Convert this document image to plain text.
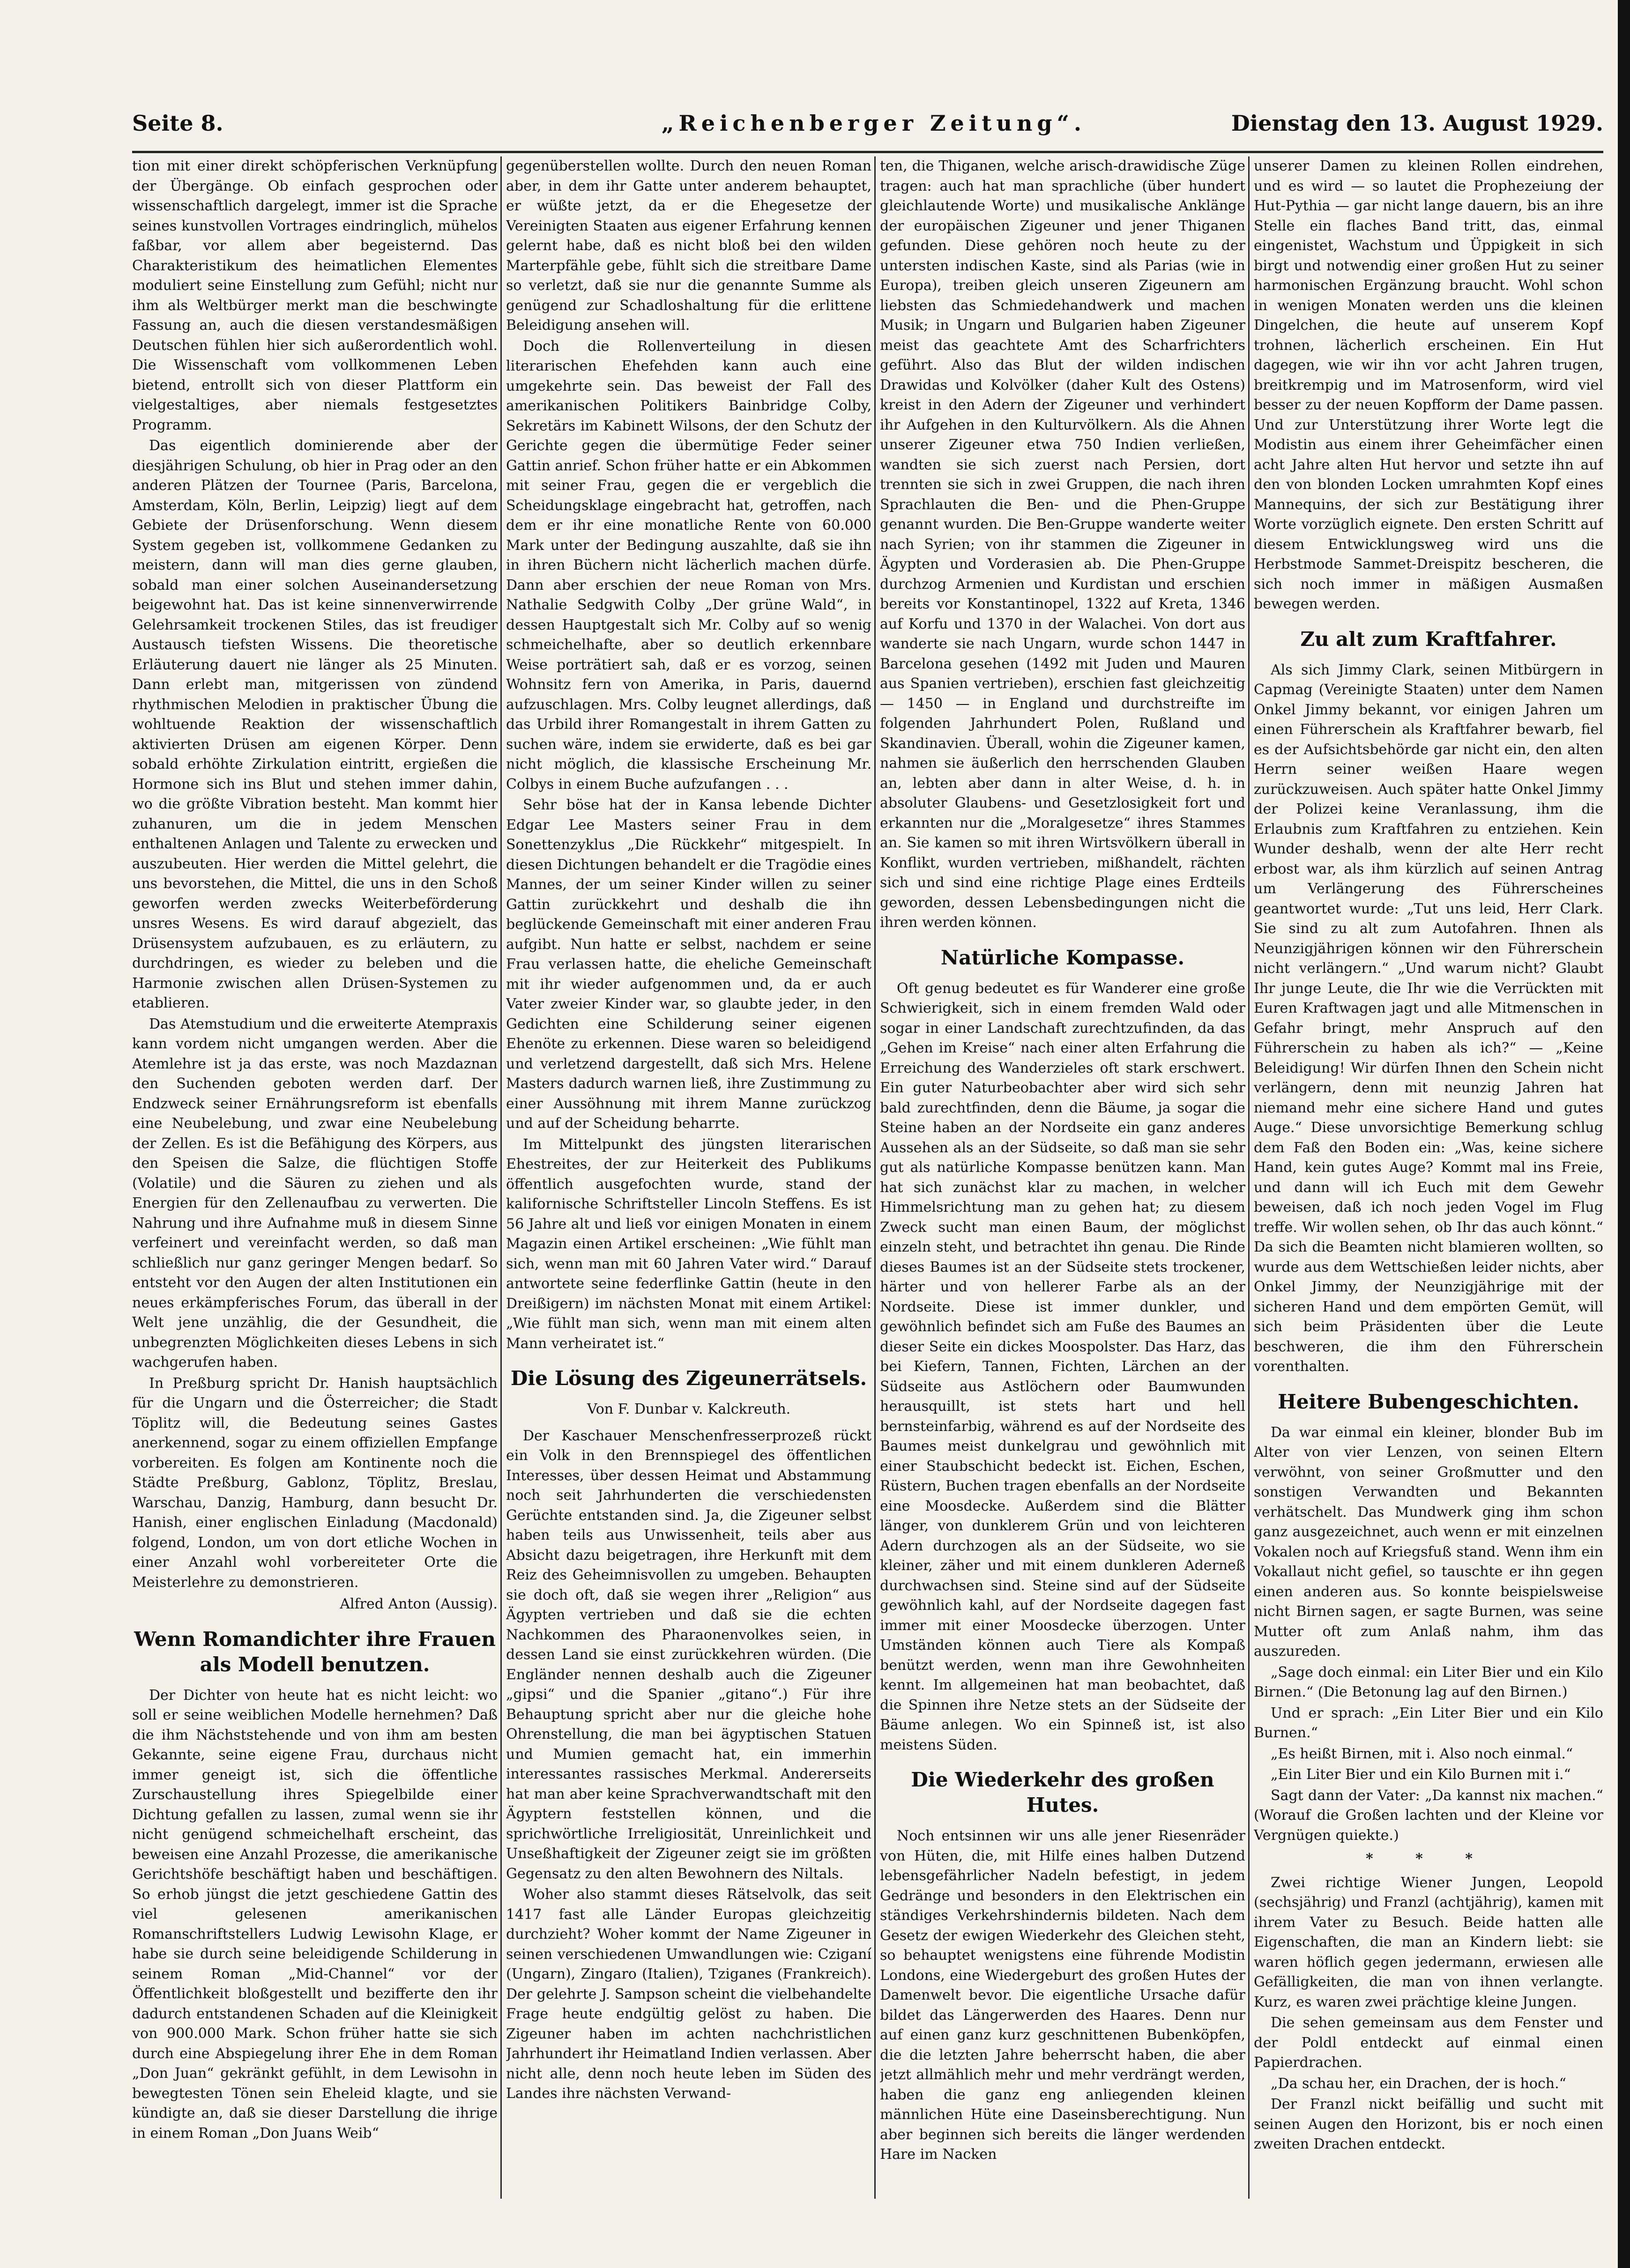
Seite 8.	„Reichenberger Zeitung“.	Dienstag den 13. August 1929.

tion mit einer direkt schöpferischen Verknüpfung der Übergänge. Ob einfach gesprochen oder wissenschaftlich dargelegt, immer ist die Sprache seines kunstvollen Vortrages eindringlich, mühelos faßbar, vor allem aber begeisternd. Das Charakteristikum des heimatlichen Elementes moduliert seine Einstellung zum Gefühl; nicht nur ihm als Weltbürger merkt man die beschwingte Fassung an, auch die diesen verstandesmäßigen Deutschen fühlen hier sich außerordentlich wohl. Die Wissenschaft vom vollkommenen Leben bietend, entrollt sich von dieser Plattform ein vielgestaltiges, aber niemals festgesetztes Programm.

Das eigentlich dominierende aber der diesjährigen Schulung, ob hier in Prag oder an den anderen Plätzen der Tournee (Paris, Barcelona, Amsterdam, Köln, Berlin, Leipzig) liegt auf dem Gebiete der Drüsenforschung. Wenn diesem System gegeben ist, vollkommene Gedanken zu meistern, dann will man dies gerne glauben, sobald man einer solchen Auseinandersetzung beigewohnt hat. Das ist keine sinnenverwirrende Gelehrsamkeit trockenen Stiles, das ist freudiger Austausch tiefsten Wissens. Die theoretische Erläuterung dauert nie länger als 25 Minuten. Dann erlebt man, mitgerissen von zündend rhythmischen Melodien in praktischer Übung die wohltuende Reaktion der wissenschaftlich aktivierten Drüsen am eigenen Körper. Denn sobald erhöhte Zirkulation eintritt, ergießen die Hormone sich ins Blut und stehen immer dahin, wo die größte Vibration besteht. Man kommt hier zuhanuren, um die in jedem Menschen enthaltenen Anlagen und Talente zu erwecken und auszubeuten. Hier werden die Mittel gelehrt, die uns bevorstehen, die Mittel, die uns in den Schoß geworfen werden zwecks Weiterbeförderung unsres Wesens. Es wird darauf abgezielt, das Drüsensystem aufzubauen, es zu erläutern, zu durchdringen, es wieder zu beleben und die Harmonie zwischen allen Drüsen-Systemen zu etablieren.

Das Atemstudium und die erweiterte Atempraxis kann vordem nicht umgangen werden. Aber die Atemlehre ist ja das erste, was noch Mazdaznan den Suchenden geboten werden darf. Der Endzweck seiner Ernährungsreform ist ebenfalls eine Neubelebung, und zwar eine Neubelebung der Zellen. Es ist die Befähigung des Körpers, aus den Speisen die Salze, die flüchtigen Stoffe (Volatile) und die Säuren zu ziehen und als Energien für den Zellenaufbau zu verwerten. Die Nahrung und ihre Aufnahme muß in diesem Sinne verfeinert und vereinfacht werden, so daß man schließlich nur ganz geringer Mengen bedarf. So entsteht vor den Augen der alten Institutionen ein neues erkämpferisches Forum, das überall in der Welt jene unzählig, die der Gesundheit, die unbegrenzten Möglichkeiten dieses Lebens in sich wachgerufen haben.

In Preßburg spricht Dr. Hanish hauptsächlich für die Ungarn und die Österreicher; die Stadt Töplitz will, die Bedeutung seines Gastes anerkennend, sogar zu einem offiziellen Empfange vorbereiten. Es folgen am Kontinente noch die Städte Preßburg, Gablonz, Töplitz, Breslau, Warschau, Danzig, Hamburg, dann besucht Dr. Hanish, einer englischen Einladung (Macdonald) folgend, London, um von dort etliche Wochen in einer Anzahl wohl vorbereiteter Orte die Meisterlehre zu demonstrieren.

Alfred Anton (Aussig).
Wenn Romandichter ihre Frauen als Modell benutzen.

Der Dichter von heute hat es nicht leicht: wo soll er seine weiblichen Modelle hernehmen? Daß die ihm Nächststehende und von ihm am besten Gekannte, seine eigene Frau, durchaus nicht immer geneigt ist, sich die öffentliche Zurschaustellung ihres Spiegelbilde einer Dichtung gefallen zu lassen, zumal wenn sie ihr nicht genügend schmeichelhaft erscheint, das beweisen eine Anzahl Prozesse, die amerikanische Gerichtshöfe beschäftigt haben und beschäftigen. So erhob jüngst die jetzt geschiedene Gattin des viel gelesenen amerikanischen Romanschriftstellers Ludwig Lewisohn Klage, er habe sie durch seine beleidigende Schilderung in seinem Roman „Mid-Channel“ vor der Öffentlichkeit bloßgestellt und bezifferte den ihr dadurch entstandenen Schaden auf die Kleinigkeit von 900.000 Mark. Schon früher hatte sie sich durch eine Abspiegelung ihrer Ehe in dem Roman „Don Juan“ gekränkt gefühlt, in dem Lewisohn in bewegtesten Tönen sein Eheleid klagte, und sie kündigte an, daß sie dieser Darstellung die ihrige in einem Roman „Don Juans Weib“

gegenüberstellen wollte. Durch den neuen Roman aber, in dem ihr Gatte unter anderem behauptet, er wüßte jetzt, da er die Ehegesetze der Vereinigten Staaten aus eigener Erfahrung kennen gelernt habe, daß es nicht bloß bei den wilden Marterpfähle gebe, fühlt sich die streitbare Dame so verletzt, daß sie nur die genannte Summe als genügend zur Schadloshaltung für die erlittene Beleidigung ansehen will.

Doch die Rollenverteilung in diesen literarischen Ehefehden kann auch eine umgekehrte sein. Das beweist der Fall des amerikanischen Politikers Bainbridge Colby, Sekretärs im Kabinett Wilsons, der den Schutz der Gerichte gegen die übermütige Feder seiner Gattin anrief. Schon früher hatte er ein Abkommen mit seiner Frau, gegen die er vergeblich die Scheidungsklage eingebracht hat, getroffen, nach dem er ihr eine monatliche Rente von 60.000 Mark unter der Bedingung auszahlte, daß sie ihn in ihren Büchern nicht lächerlich machen dürfe. Dann aber erschien der neue Roman von Mrs. Nathalie Sedgwith Colby „Der grüne Wald“, in dessen Hauptgestalt sich Mr. Colby auf so wenig schmeichelhafte, aber so deutlich erkennbare Weise porträtiert sah, daß er es vorzog, seinen Wohnsitz fern von Amerika, in Paris, dauernd aufzuschlagen. Mrs. Colby leugnet allerdings, daß das Urbild ihrer Romangestalt in ihrem Gatten zu suchen wäre, indem sie erwiderte, daß es bei gar nicht möglich, die klassische Erscheinung Mr. Colbys in einem Buche aufzufangen . . .

Sehr böse hat der in Kansa lebende Dichter Edgar Lee Masters seiner Frau in dem Sonettenzyklus „Die Rückkehr“ mitgespielt. In diesen Dichtungen behandelt er die Tragödie eines Mannes, der um seiner Kinder willen zu seiner Gattin zurückkehrt und deshalb die ihn beglückende Gemeinschaft mit einer anderen Frau aufgibt. Nun hatte er selbst, nachdem er seine Frau verlassen hatte, die eheliche Gemeinschaft mit ihr wieder aufgenommen und, da er auch Vater zweier Kinder war, so glaubte jeder, in den Gedichten eine Schilderung seiner eigenen Ehenöte zu erkennen. Diese waren so beleidigend und verletzend dargestellt, daß sich Mrs. Helene Masters dadurch warnen ließ, ihre Zustimmung zu einer Aussöhnung mit ihrem Manne zurückzog und auf der Scheidung beharrte.

Im Mittelpunkt des jüngsten literarischen Ehestreites, der zur Heiterkeit des Publikums öffentlich ausgefochten wurde, stand der kalifornische Schriftsteller Lincoln Steffens. Es ist 56 Jahre alt und ließ vor einigen Monaten in einem Magazin einen Artikel erscheinen: „Wie fühlt man sich, wenn man mit 60 Jahren Vater wird.“ Darauf antwortete seine federflinke Gattin (heute in den Dreißigern) im nächsten Monat mit einem Artikel: „Wie fühlt man sich, wenn man mit einem alten Mann verheiratet ist.“

Die Lösung des Zigeunerrätsels.
Von F. Dunbar v. Kalckreuth.

Der Kaschauer Menschenfresserprozeß rückt ein Volk in den Brennspiegel des öffentlichen Interesses, über dessen Heimat und Abstammung noch seit Jahrhunderten die verschiedensten Gerüchte entstanden sind. Ja, die Zigeuner selbst haben teils aus Unwissenheit, teils aber aus Absicht dazu beigetragen, ihre Herkunft mit dem Reiz des Geheimnisvollen zu umgeben. Behaupten sie doch oft, daß sie wegen ihrer „Religion“ aus Ägypten vertrieben und daß sie die echten Nachkommen des Pharaonenvolkes seien, in dessen Land sie einst zurückkehren würden. (Die Engländer nennen deshalb auch die Zigeuner „gipsi“ und die Spanier „gitano“.) Für ihre Behauptung spricht aber nur die gleiche hohe Ohrenstellung, die man bei ägyptischen Statuen und Mumien gemacht hat, ein immerhin interessantes rassisches Merkmal. Andererseits hat man aber keine Sprachverwandtschaft mit den Ägyptern feststellen können, und die sprichwörtliche Irreligiosität, Unreinlichkeit und Unseßhaftigkeit der Zigeuner zeigt sie im größten Gegensatz zu den alten Bewohnern des Niltals.

Woher also stammt dieses Rätselvolk, das seit 1417 fast alle Länder Europas gleichzeitig durchzieht? Woher kommt der Name Zigeuner in seinen verschiedenen Umwandlungen wie: Cziganí (Ungarn), Zingaro (Italien), Tziganes (Frankreich). Der gelehrte J. Sampson scheint die vielbehandelte Frage heute endgültig gelöst zu haben. Die Zigeuner haben im achten nachchristlichen Jahrhundert ihr Heimatland Indien verlassen. Aber nicht alle, denn noch heute leben im Süden des Landes ihre nächsten Verwand-

ten, die Thiganen, welche arisch-drawidische Züge tragen: auch hat man sprachliche (über hundert gleichlautende Worte) und musikalische Anklänge der europäischen Zigeuner und jener Thiganen gefunden. Diese gehören noch heute zu der untersten indischen Kaste, sind als Parias (wie in Europa), treiben gleich unseren Zigeunern am liebsten das Schmiedehandwerk und machen Musik; in Ungarn und Bulgarien haben Zigeuner meist das geachtete Amt des Scharfrichters geführt. Also das Blut der wilden indischen Drawidas und Kolvölker (daher Kult des Ostens) kreist in den Adern der Zigeuner und verhindert ihr Aufgehen in den Kulturvölkern. Als die Ahnen unserer Zigeuner etwa 750 Indien verließen, wandten sie sich zuerst nach Persien, dort trennten sie sich in zwei Gruppen, die nach ihren Sprachlauten die Ben- und die Phen-Gruppe genannt wurden. Die Ben-Gruppe wanderte weiter nach Syrien; von ihr stammen die Zigeuner in Ägypten und Vorderasien ab. Die Phen-Gruppe durchzog Armenien und Kurdistan und erschien bereits vor Konstantinopel, 1322 auf Kreta, 1346 auf Korfu und 1370 in der Walachei. Von dort aus wanderte sie nach Ungarn, wurde schon 1447 in Barcelona gesehen (1492 mit Juden und Mauren aus Spanien vertrieben), erschien fast gleichzeitig — 1450 — in England und durchstreifte im folgenden Jahrhundert Polen, Rußland und Skandinavien. Überall, wohin die Zigeuner kamen, nahmen sie äußerlich den herrschenden Glauben an, lebten aber dann in alter Weise, d. h. in absoluter Glaubens- und Gesetzlosigkeit fort und erkannten nur die „Moralgesetze“ ihres Stammes an. Sie kamen so mit ihren Wirtsvölkern überall in Konflikt, wurden vertrieben, mißhandelt, rächten sich und sind eine richtige Plage eines Erdteils geworden, dessen Lebensbedingungen nicht die ihren werden können.

Natürliche Kompasse.

Oft genug bedeutet es für Wanderer eine große Schwierigkeit, sich in einem fremden Wald oder sogar in einer Landschaft zurechtzufinden, da das „Gehen im Kreise“ nach einer alten Erfahrung die Erreichung des Wanderzieles oft stark erschwert. Ein guter Naturbeobachter aber wird sich sehr bald zurechtfinden, denn die Bäume, ja sogar die Steine haben an der Nordseite ein ganz anderes Aussehen als an der Südseite, so daß man sie sehr gut als natürliche Kompasse benützen kann. Man hat sich zunächst klar zu machen, in welcher Himmelsrichtung man zu gehen hat; zu diesem Zweck sucht man einen Baum, der möglichst einzeln steht, und betrachtet ihn genau. Die Rinde dieses Baumes ist an der Südseite stets trockener, härter und von hellerer Farbe als an der Nordseite. Diese ist immer dunkler, und gewöhnlich befindet sich am Fuße des Baumes an dieser Seite ein dickes Moospolster. Das Harz, das bei Kiefern, Tannen, Fichten, Lärchen an der Südseite aus Astlöchern oder Baumwunden herausquillt, ist stets hart und hell bernsteinfarbig, während es auf der Nordseite des Baumes meist dunkelgrau und gewöhnlich mit einer Staubschicht bedeckt ist. Eichen, Eschen, Rüstern, Buchen tragen ebenfalls an der Nordseite eine Moosdecke. Außerdem sind die Blätter länger, von dunklerem Grün und von leichteren Adern durchzogen als an der Südseite, wo sie kleiner, zäher und mit einem dunkleren Aderneß durchwachsen sind. Steine sind auf der Südseite gewöhnlich kahl, auf der Nordseite dagegen fast immer mit einer Moosdecke überzogen. Unter Umständen können auch Tiere als Kompaß benützt werden, wenn man ihre Gewohnheiten kennt. Im allgemeinen hat man beobachtet, daß die Spinnen ihre Netze stets an der Südseite der Bäume anlegen. Wo ein Spinneß ist, ist also meistens Süden.

Die Wiederkehr des großen Hutes.

Noch entsinnen wir uns alle jener Riesenräder von Hüten, die, mit Hilfe eines halben Dutzend lebensgefährlicher Nadeln befestigt, in jedem Gedränge und besonders in den Elektrischen ein ständiges Verkehrshindernis bildeten. Nach dem Gesetz der ewigen Wiederkehr des Gleichen steht, so behauptet wenigstens eine führende Modistin Londons, eine Wiedergeburt des großen Hutes der Damenwelt bevor. Die eigentliche Ursache dafür bildet das Längerwerden des Haares. Denn nur auf einen ganz kurz geschnittenen Bubenköpfen, die die letzten Jahre beherrscht haben, die aber jetzt allmählich mehr und mehr verdrängt werden, haben die ganz eng anliegenden kleinen männlichen Hüte eine Daseinsberechtigung. Nun aber beginnen sich bereits die länger werdenden Hare im Nacken

unserer Damen zu kleinen Rollen eindrehen, und es wird — so lautet die Prophezeiung der Hut-Pythia — gar nicht lange dauern, bis an ihre Stelle ein flaches Band tritt, das, einmal eingenistet, Wachstum und Üppigkeit in sich birgt und notwendig einer großen Hut zu seiner harmonischen Ergänzung braucht. Wohl schon in wenigen Monaten werden uns die kleinen Dingelchen, die heute auf unserem Kopf trohnen, lächerlich erscheinen. Ein Hut dagegen, wie wir ihn vor acht Jahren trugen, breitkrempig und im Matrosenform, wird viel besser zu der neuen Kopfform der Dame passen. Und zur Unterstützung ihrer Worte legt die Modistin aus einem ihrer Geheimfächer einen acht Jahre alten Hut hervor und setzte ihn auf den von blonden Locken umrahmten Kopf eines Mannequins, der sich zur Bestätigung ihrer Worte vorzüglich eignete. Den ersten Schritt auf diesem Entwicklungsweg wird uns die Herbstmode Sammet-Dreispitz bescheren, die sich noch immer in mäßigen Ausmaßen bewegen werden.

Zu alt zum Kraftfahrer.

Als sich Jimmy Clark, seinen Mitbürgern in Capmag (Vereinigte Staaten) unter dem Namen Onkel Jimmy bekannt, vor einigen Jahren um einen Führerschein als Kraftfahrer bewarb, fiel es der Aufsichtsbehörde gar nicht ein, den alten Herrn seiner weißen Haare wegen zurückzuweisen. Auch später hatte Onkel Jimmy der Polizei keine Veranlassung, ihm die Erlaubnis zum Kraftfahren zu entziehen. Kein Wunder deshalb, wenn der alte Herr recht erbost war, als ihm kürzlich auf seinen Antrag um Verlängerung des Führerscheines geantwortet wurde: „Tut uns leid, Herr Clark. Sie sind zu alt zum Autofahren. Ihnen als Neunzigjährigen können wir den Führerschein nicht verlängern.“ „Und warum nicht? Glaubt Ihr junge Leute, die Ihr wie die Verrückten mit Euren Kraftwagen jagt und alle Mitmenschen in Gefahr bringt, mehr Anspruch auf den Führerschein zu haben als ich?“ — „Keine Beleidigung! Wir dürfen Ihnen den Schein nicht verlängern, denn mit neunzig Jahren hat niemand mehr eine sichere Hand und gutes Auge.“ Diese unvorsichtige Bemerkung schlug dem Faß den Boden ein: „Was, keine sichere Hand, kein gutes Auge? Kommt mal ins Freie, und dann will ich Euch mit dem Gewehr beweisen, daß ich noch jeden Vogel im Flug treffe. Wir wollen sehen, ob Ihr das auch könnt.“ Da sich die Beamten nicht blamieren wollten, so wurde aus dem Wettschießen leider nichts, aber Onkel Jimmy, der Neunzigjährige mit der sicheren Hand und dem empörten Gemüt, will sich beim Präsidenten über die Leute beschweren, die ihm den Führerschein vorenthalten.

Heitere Bubengeschichten.

Da war einmal ein kleiner, blonder Bub im Alter von vier Lenzen, von seinen Eltern verwöhnt, von seiner Großmutter und den sonstigen Verwandten und Bekannten verhätschelt. Das Mundwerk ging ihm schon ganz ausgezeichnet, auch wenn er mit einzelnen Vokalen noch auf Kriegsfuß stand. Wenn ihm ein Vokallaut nicht gefiel, so tauschte er ihn gegen einen anderen aus. So konnte beispielsweise nicht Birnen sagen, er sagte Burnen, was seine Mutter oft zum Anlaß nahm, ihm das auszureden.

„Sage doch einmal: ein Liter Bier und ein Kilo Birnen.“ (Die Betonung lag auf den Birnen.)

Und er sprach: „Ein Liter Bier und ein Kilo Burnen.“

„Es heißt Birnen, mit i. Also noch einmal.“

„Ein Liter Bier und ein Kilo Burnen mit i.“

Sagt dann der Vater: „Da kannst nix machen.“ (Worauf die Großen lachten und der Kleine vor Vergnügen quiekte.)

* * *

Zwei richtige Wiener Jungen, Leopold (sechsjährig) und Franzl (achtjährig), kamen mit ihrem Vater zu Besuch. Beide hatten alle Eigenschaften, die man an Kindern liebt: sie waren höflich gegen jedermann, erwiesen alle Gefälligkeiten, die man von ihnen verlangte. Kurz, es waren zwei prächtige kleine Jungen.

Die sehen gemeinsam aus dem Fenster und der Poldl entdeckt auf einmal einen Papierdrachen.

„Da schau her, ein Drachen, der is hoch.“

Der Franzl nickt beifällig und sucht mit seinen Augen den Horizont, bis er noch einen zweiten Drachen entdeckt.
